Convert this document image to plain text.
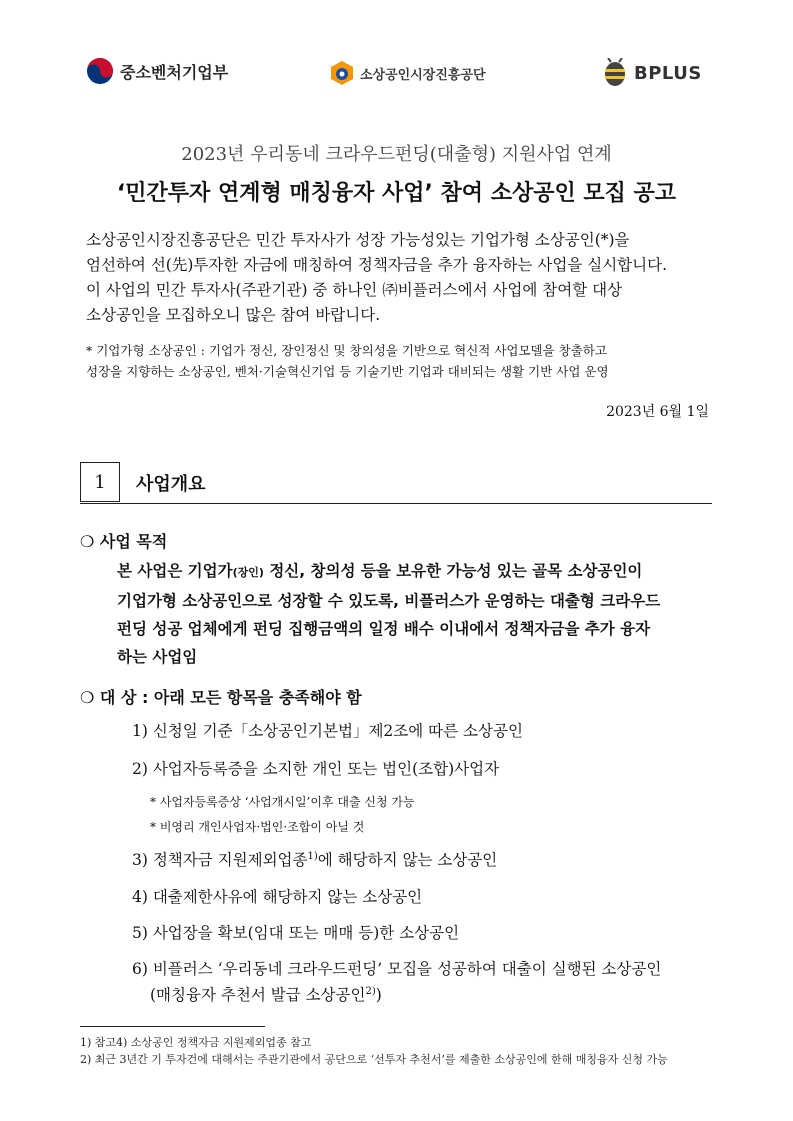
중소벤처기업부	소상공인시장진흥공단	BPLUS
2023년 우리동네 크라우드펀딩(대출형) 지원사업 연계
‘민간투자 연계형 매칭융자 사업’ 참여 소상공인 모집 공고
소상공인시장진흥공단은 민간 투자사가 성장 가능성있는 기업가형 소상공인(*)을
엄선하여 선(先)투자한 자금에 매칭하여 정책자금을 추가 융자하는 사업을 실시합니다.
이 사업의 민간 투자사(주관기관) 중 하나인 ㈜비플러스에서 사업에 참여할 대상
소상공인을 모집하오니 많은 참여 바랍니다.
* 기업가형 소상공인 : 기업가 정신, 장인정신 및 창의성을 기반으로 혁신적 사업모델을 창출하고
성장을 지향하는 소상공인, 벤처·기술혁신기업 등 기술기반 기업과 대비되는 생활 기반 사업 운영
2023년 6월 1일
1	사업개요
❍ 사업 목적
본 사업은 기업가(장인) 정신, 창의성 등을 보유한 가능성 있는 골목 소상공인이
기업가형 소상공인으로 성장할 수 있도록, 비플러스가 운영하는 대출형 크라우드
펀딩 성공 업체에게 펀딩 집행금액의 일정 배수 이내에서 정책자금을 추가 융자
하는 사업임
❍ 대 상 : 아래 모든 항목을 충족해야 함
1) 신청일 기준「소상공인기본법」제2조에 따른 소상공인
2) 사업자등록증을 소지한 개인 또는 법인(조합)사업자
* 사업자등록증상 ‘사업개시일’이후 대출 신청 가능
* 비영리 개인사업자·법인·조합이 아닐 것
3) 정책자금 지원제외업종$^{1)}$에 해당하지 않는 소상공인
4) 대출제한사유에 해당하지 않는 소상공인
5) 사업장을 확보(임대 또는 매매 등)한 소상공인
6) 비플러스 ‘우리동네 크라우드펀딩’ 모집을 성공하여 대출이 실행된 소상공인
(매칭융자 추천서 발급 소상공인$^{2)}$)
1) 참고4) 소상공인 정책자금 지원제외업종 참고
2) 최근 3년간 기 투자건에 대해서는 주관기관에서 공단으로 ‘선투자 추천서’를 제출한 소상공인에 한해 매칭융자 신청 가능
